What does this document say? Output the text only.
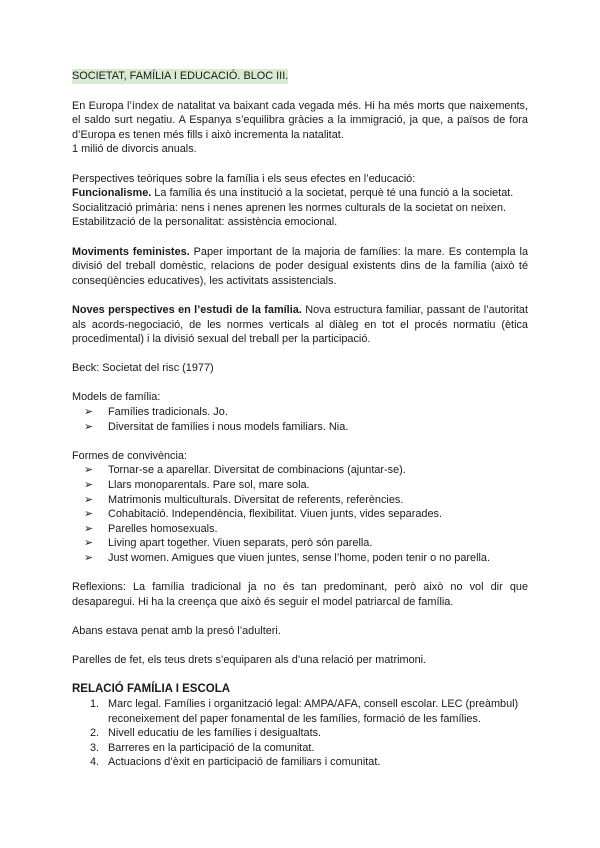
SOCIETAT, FAMÍLIA I EDUCACIÓ. BLOC III.

En Europa l’índex de natalitat va baixant cada vegada més. Hi ha més morts que naixements, el saldo surt negatiu. A Espanya s’equilibra gràcies a la immigració, ja que, a països de fora d’Europa es tenen més fills i això incrementa la natalitat.

1 milió de divorcis anuals.

Perspectives teòriques sobre la família i els seus efectes en l’educació:

Funcionalisme. La família és una institució a la societat, perquè té una funció a la societat.

Socialització primària: nens i nenes aprenen les normes culturals de la societat on neixen.

Estabilització de la personalitat: assistència emocional.

Moviments feministes. Paper important de la majoria de famílies: la mare. Es contempla la divisió del treball domèstic, relacions de poder desigual existents dins de la família (això té conseqüències educatives), les activitats assistencials.

Noves perspectives en l’estudi de la família. Nova estructura familiar, passant de l’autoritat als acords-negociació, de les normes verticals al diàleg en tot el procés normatiu (ètica procedimental) i la divisió sexual del treball per la participació.

Beck: Societat del risc (1977)

Models de família:

➢ Famílies tradicionals. Jo.
➢ Diversitat de famílies i nous models familiars. Nia.

Formes de convivència:

➢ Tornar-se a aparellar. Diversitat de combinacions (ajuntar-se).
➢ Llars monoparentals. Pare sol, mare sola.
➢ Matrimonis multiculturals. Diversitat de referents, referències.
➢ Cohabitació. Independència, flexibilitat. Viuen junts, vides separades.
➢ Parelles homosexuals.
➢ Living apart together. Viuen separats, però són parella.
➢ Just women. Amigues que viuen juntes, sense l’home, poden tenir o no parella.

Reflexions: La família tradicional ja no és tan predominant, però això no vol dir que desaparegui. Hi ha la creença que això és seguir el model patriarcal de família.

Abans estava penat amb la presó l’adulteri.

Parelles de fet, els teus drets s’equiparen als d’una relació per matrimoni.

RELACIÓ FAMÍLIA I ESCOLA

1. Marc legal. Famílies i organització legal: AMPA/AFA, consell escolar. LEC (preàmbul) reconeixement del paper fonamental de les famílies, formació de les famílies.
2. Nivell educatiu de les famílies i desigualtats.
3. Barreres en la participació de la comunitat.
4. Actuacions d’èxit en participació de familiars i comunitat.
